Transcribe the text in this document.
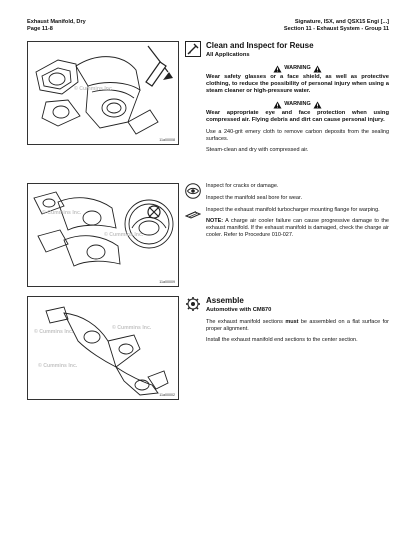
Exhaust Manifold, Dry
Page 11-8
Signature, ISX, and QSX15 Engi [...]
Section 11 - Exhaust System - Group 11
© Cummins Inc.
11a00008
© Cummins Inc.
© Cummins Inc.
11a00009
© Cummins Inc.
© Cummins Inc.
© Cummins Inc.
11a00002
Clean and Inspect for Reuse
All Applications
WARNING
Wear safety glasses or a face shield, as well as protective clothing, to reduce the possibility of personal injury when using a steam cleaner or high-pressure water.
WARNING
Wear appropriate eye and face protection when using compressed air. Flying debris and dirt can cause personal injury.

Use a 240-grit emery cloth to remove carbon deposits from the sealing surfaces.

Steam-clean and dry with compressed air.

Inspect for cracks or damage.

Inspect the manifold seal bore for wear.

Inspect the exhaust manifold turbocharger mounting flange for warping.

NOTE: A charge air cooler failure can cause progressive damage to the exhaust manifold. If the exhaust manifold is damaged, check the charge air cooler. Refer to Procedure 010-027.

Assemble
Automotive with CM870

The exhaust manifold sections must be assembled on a flat surface for proper alignment.

Install the exhaust manifold end sections to the center section.
